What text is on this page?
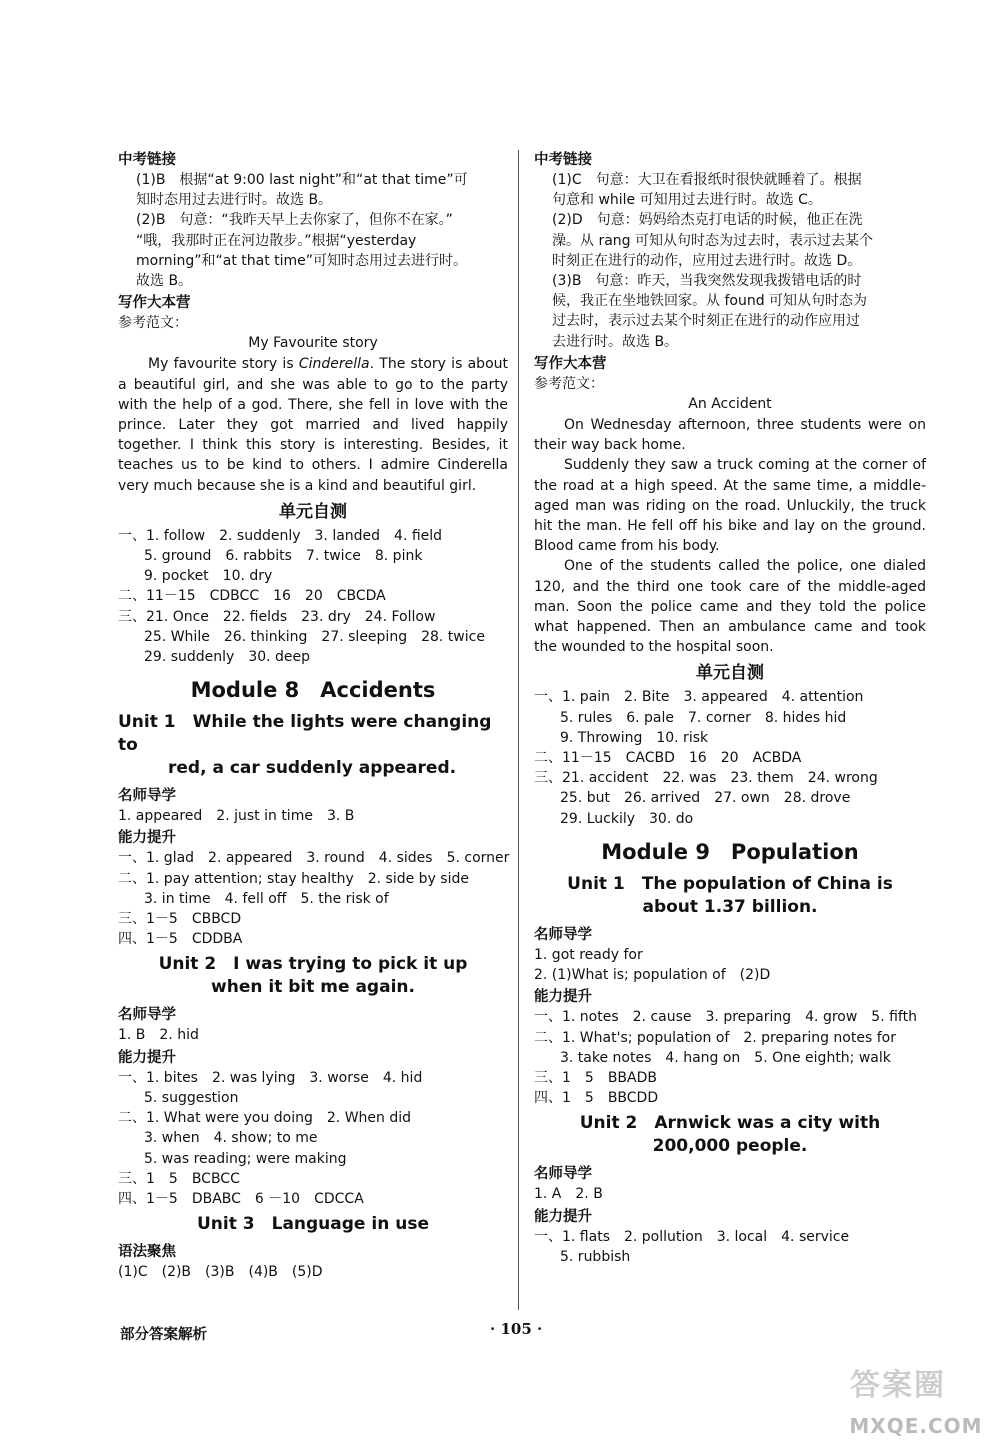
中考链接
(1)B　根据“at 9:00 last night”和“at that time”可
知时态用过去进行时。故选 B。
(2)B　句意：“我昨天早上去你家了，但你不在家。”
“哦，我那时正在河边散步。”根据“yesterday
morning”和“at that time”可知时态用过去进行时。
故选 B。
写作大本营
参考范文：
My Favourite story
My favourite story is Cinderella. The story is about a beautiful girl, and she was able to go to the party with the help of a god. There, she fell in love with the prince. Later they got married and lived happily together. I think this story is interesting. Besides, it teaches us to be kind to others. I admire Cinderella very much because she is a kind and beautiful girl.
单元自测
一、1. follow　2. suddenly　3. landed　4. field
5. ground　6. rabbits　7. twice　8. pink
9. pocket　10. dry
二、11－15　CDBCC　16　20　CBCDA
三、21. Once　22. fields　23. dry　24. Follow
25. While　26. thinking　27. sleeping　28. twice
29. suddenly　30. deep
Module 8　Accidents
Unit 1　While the lights were changing to
red, a car suddenly appeared.
名师导学
1. appeared　2. just in time　3. B
能力提升
一、1. glad　2. appeared　3. round　4. sides　5. corner
二、1. pay attention; stay healthy　2. side by side
3. in time　4. fell off　5. the risk of
三、1－5　CBBCD
四、1－5　CDDBA
Unit 2　I was trying to pick it up
when it bit me again.
名师导学
1. B　2. hid
能力提升
一、1. bites　2. was lying　3. worse　4. hid
5. suggestion
二、1. What were you doing　2. When did
3. when　4. show; to me
5. was reading; were making
三、1　5　BCBCC
四、1－5　DBABC　6 －10　CDCCA
Unit 3　Language in use
语法聚焦
(1)C　(2)B　(3)B　(4)B　(5)D
中考链接
(1)C　句意：大卫在看报纸时很快就睡着了。根据
句意和 while 可知用过去进行时。故选 C。
(2)D　句意：妈妈给杰克打电话的时候，他正在洗
澡。从 rang 可知从句时态为过去时，表示过去某个
时刻正在进行的动作，应用过去进行时。故选 D。
(3)B　句意：昨天，当我突然发现我拨错电话的时
候，我正在坐地铁回家。从 found 可知从句时态为
过去时，表示过去某个时刻正在进行的动作应用过
去进行时。故选 B。
写作大本营
参考范文：
An Accident
On Wednesday afternoon, three students were on their way back home.
Suddenly they saw a truck coming at the corner of the road at a high speed. At the same time, a middle-aged man was riding on the road. Unluckily, the truck hit the man. He fell off his bike and lay on the ground. Blood came from his body.
One of the students called the police, one dialed 120, and the third one took care of the middle-aged man. Soon the police came and they told the police what happened. Then an ambulance came and took the wounded to the hospital soon.
单元自测
一、1. pain　2. Bite　3. appeared　4. attention
5. rules　6. pale　7. corner　8. hides hid
9. Throwing　10. risk
二、11－15　CACBD　16　20　ACBDA
三、21. accident　22. was　23. them　24. wrong
25. but　26. arrived　27. own　28. drove
29. Luckily　30. do
Module 9　Population
Unit 1　The population of China is
about 1.37 billion.
名师导学
1. got ready for
2. (1)What is; population of　(2)D
能力提升
一、1. notes　2. cause　3. preparing　4. grow　5. fifth
二、1. What's; population of　2. preparing notes for
3. take notes　4. hang on　5. One eighth; walk
三、1　5　BBADB
四、1　5　BBCDD
Unit 2　Arnwick was a city with
200,000 people.
名师导学
1. A　2. B
能力提升
一、1. flats　2. pollution　3. local　4. service
5. rubbish
部分答案解析	· 105 ·
答案圈
MXQE.COM
